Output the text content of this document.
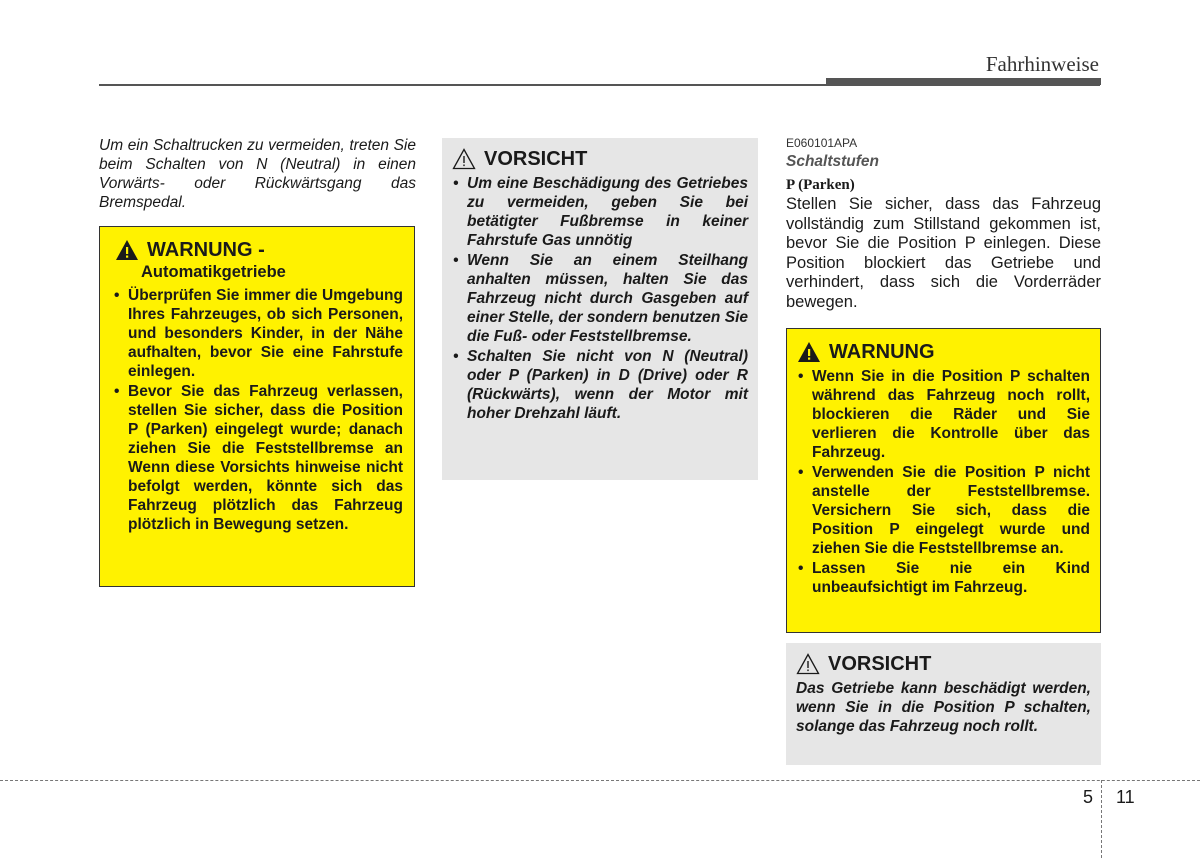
Fahrhinweise
Um ein Schaltrucken zu vermeiden, treten Sie beim Schalten von N (Neutral) in einen Vorwärts- oder Rückwärtsgang das Bremspedal.
WARNUNG -
Automatikgetriebe
• Überprüfen Sie immer die Umgebung Ihres Fahrzeuges, ob sich Personen, und besonders Kinder, in der Nähe aufhalten, bevor Sie eine Fahrstufe einlegen.
• Bevor Sie das Fahrzeug verlassen, stellen Sie sicher, dass die Position P (Parken) eingelegt wurde; danach ziehen Sie die Feststellbremse an Wenn diese Vorsichts hinweise nicht befolgt werden, könnte sich das Fahrzeug plötzlich das Fahrzeug plötzlich in Bewegung setzen.
VORSICHT
• Um eine Beschädigung des Getriebes zu vermeiden, geben Sie bei betätigter Fußbremse in keiner Fahrstufe Gas unnötig
• Wenn Sie an einem Steilhang anhalten müssen, halten Sie das Fahrzeug nicht durch Gasgeben auf einer Stelle, der sondern benutzen Sie die Fuß- oder Feststellbremse.
• Schalten Sie nicht von N (Neutral) oder P (Parken) in D (Drive) oder R (Rückwärts), wenn der Motor mit hoher Drehzahl läuft.
E060101APA
Schaltstufen
P (Parken)
Stellen Sie sicher, dass das Fahrzeug vollständig zum Stillstand gekommen ist, bevor Sie die Position P einlegen. Diese Position blockiert das Getriebe und verhindert, dass sich die Vorderräder bewegen.
WARNUNG
• Wenn Sie in die Position P schalten während das Fahrzeug noch rollt, blockieren die Räder und Sie verlieren die Kontrolle über das Fahrzeug.
• Verwenden Sie die Position P nicht anstelle der Feststellbremse. Versichern Sie sich, dass die Position P eingelegt wurde und ziehen Sie die Feststellbremse an.
• Lassen Sie nie ein Kind unbeaufsichtigt im Fahrzeug.
VORSICHT
Das Getriebe kann beschädigt werden, wenn Sie in die Position P schalten, solange das Fahrzeug noch rollt.
5 11
